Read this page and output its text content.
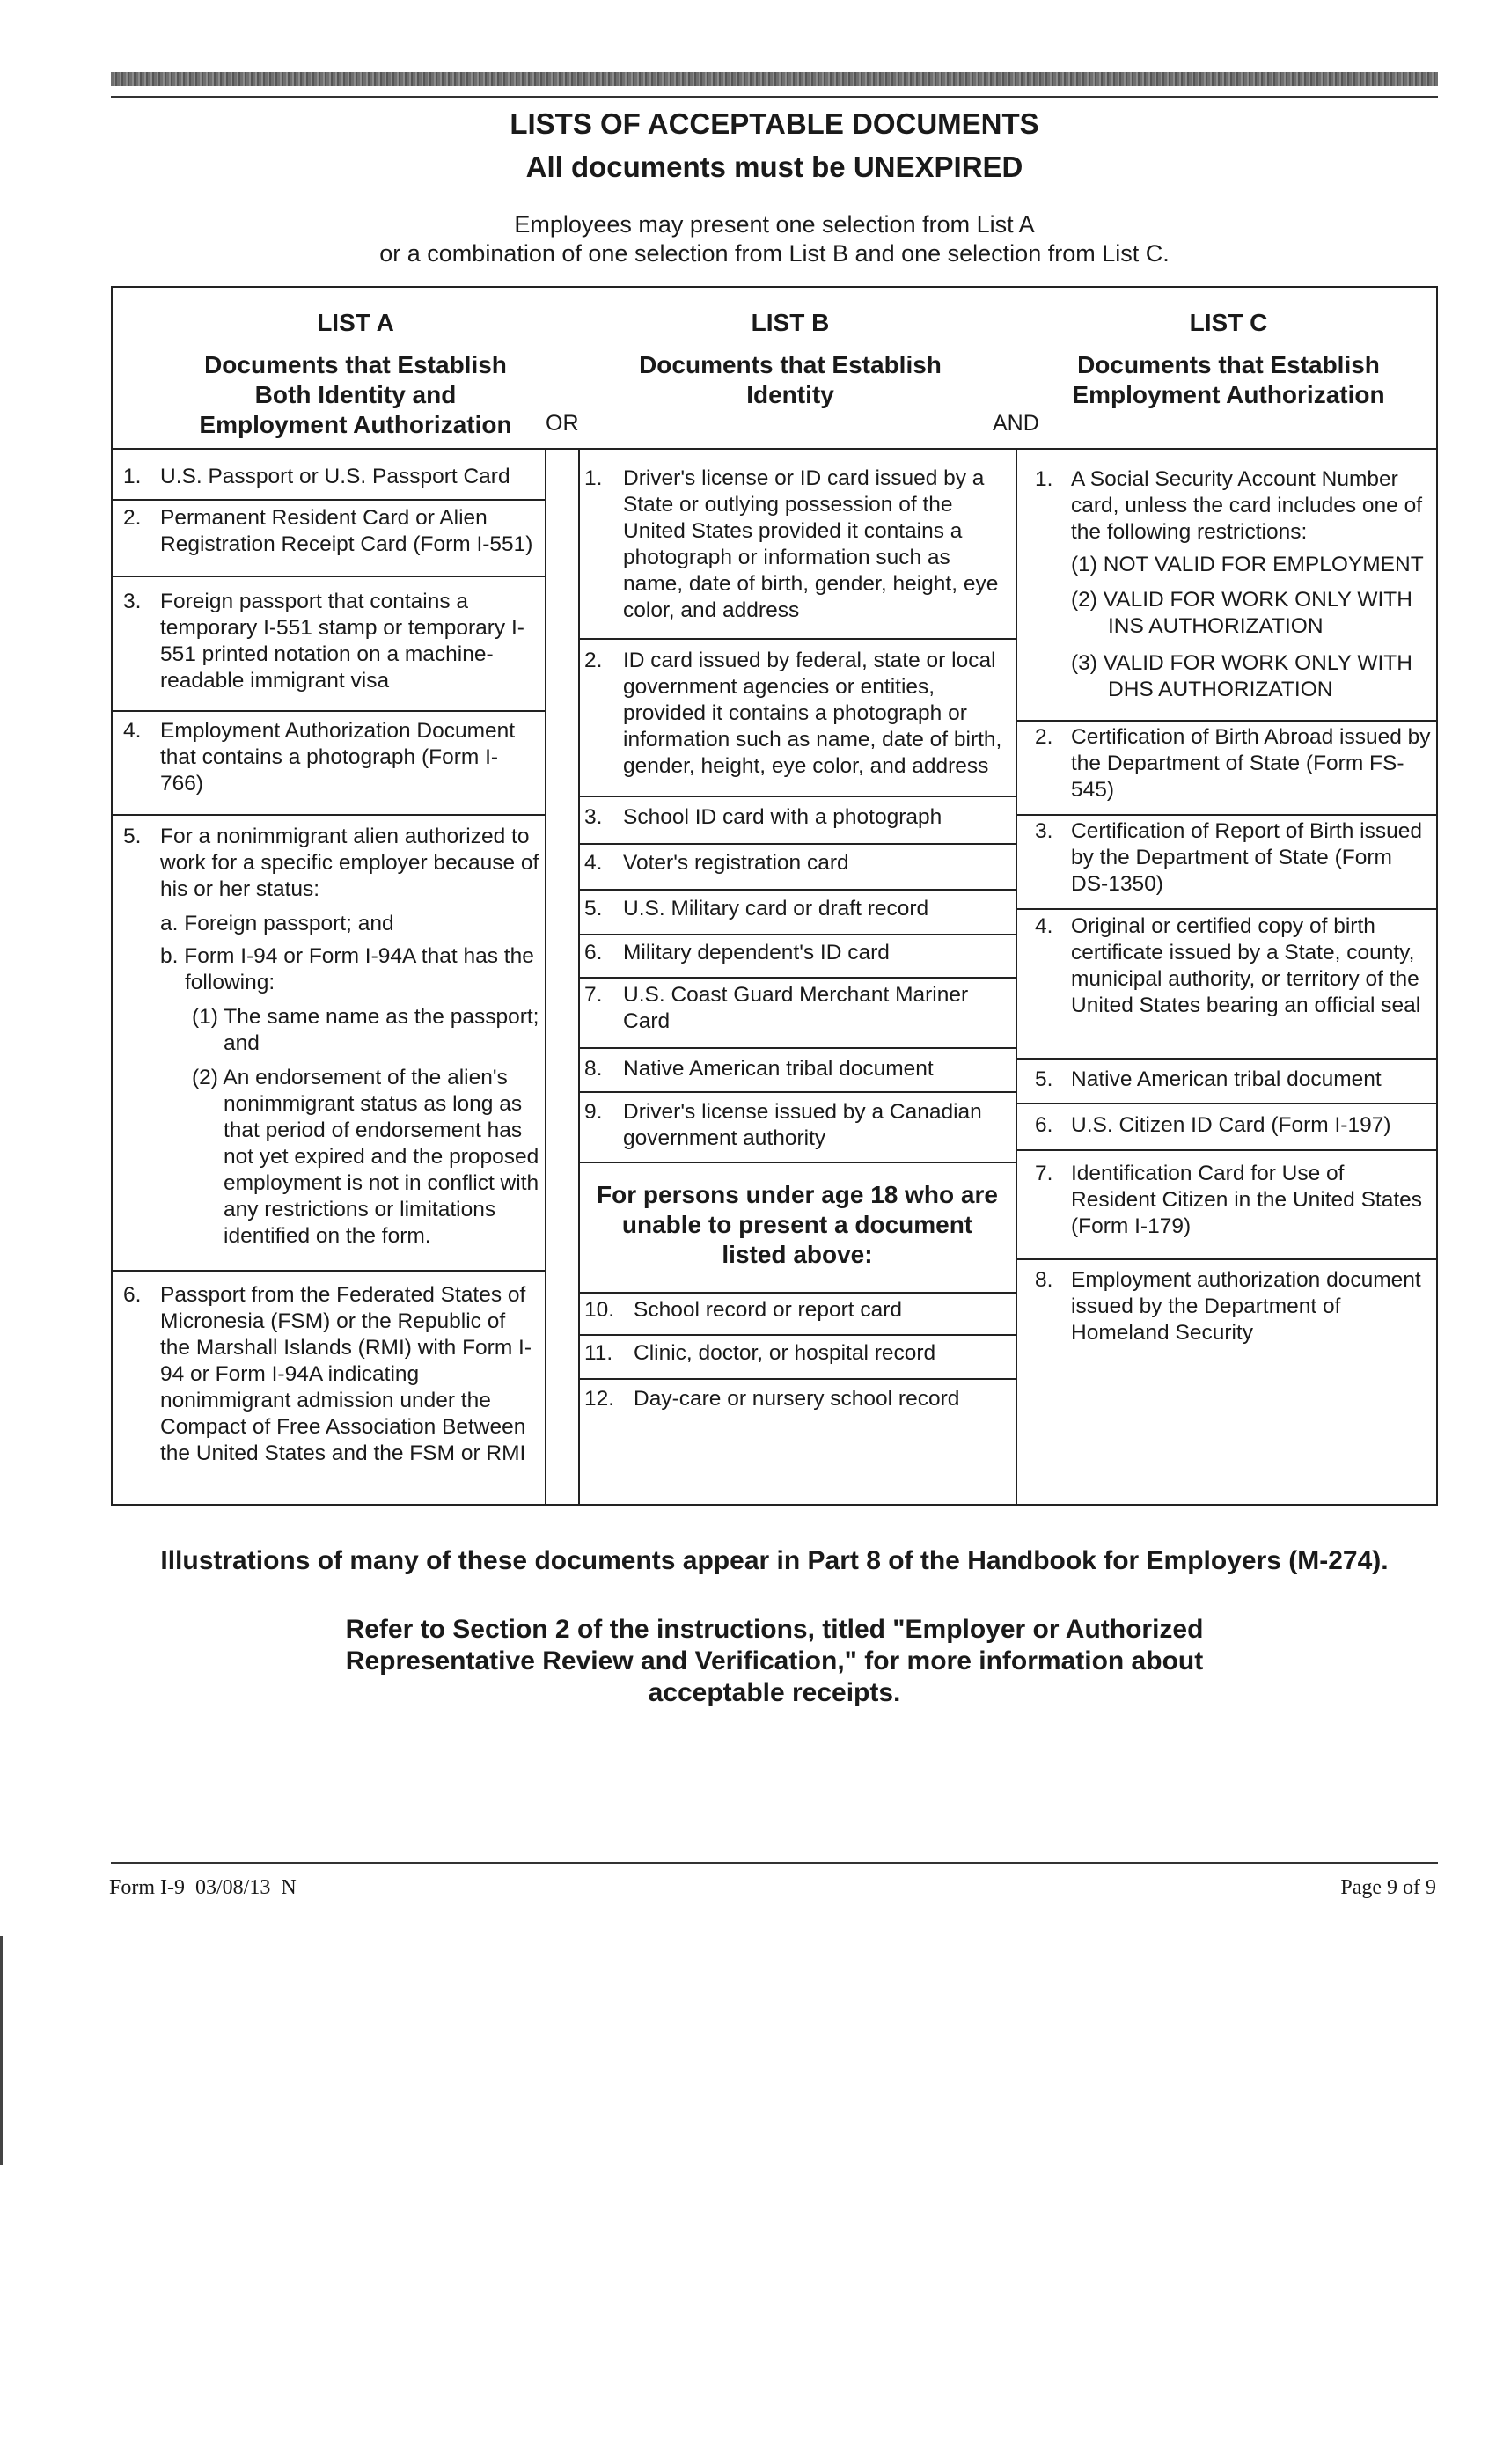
LISTS OF ACCEPTABLE DOCUMENTS
All documents must be UNEXPIRED
Employees may present one selection from List A
or a combination of one selection from List B and one selection from List C.
LIST A
Documents that Establish
Both Identity and
Employment Authorization	OR
LIST B
Documents that Establish
Identity
AND
LIST C
Documents that Establish
Employment Authorization
1. U.S. Passport or U.S. Passport Card
2. Permanent Resident Card or Alien Registration Receipt Card (Form I-551)
3. Foreign passport that contains a temporary I-551 stamp or temporary I-551 printed notation on a machine-readable immigrant visa
4. Employment Authorization Document that contains a photograph (Form I-766)
5. For a nonimmigrant alien authorized to work for a specific employer because of his or her status:
a. Foreign passport; and
b. Form I-94 or Form I-94A that has the following:
(1) The same name as the passport; and
(2) An endorsement of the alien's nonimmigrant status as long as that period of endorsement has not yet expired and the proposed employment is not in conflict with any restrictions or limitations identified on the form.
6. Passport from the Federated States of Micronesia (FSM) or the Republic of the Marshall Islands (RMI) with Form I-94 or Form I-94A indicating nonimmigrant admission under the Compact of Free Association Between the United States and the FSM or RMI
1. Driver's license or ID card issued by a State or outlying possession of the United States provided it contains a photograph or information such as name, date of birth, gender, height, eye color, and address
2. ID card issued by federal, state or local government agencies or entities, provided it contains a photograph or information such as name, date of birth, gender, height, eye color, and address
3. School ID card with a photograph
4. Voter's registration card
5. U.S. Military card or draft record
6. Military dependent's ID card
7. U.S. Coast Guard Merchant Mariner Card
8. Native American tribal document
9. Driver's license issued by a Canadian government authority
For persons under age 18 who are unable to present a document listed above:
10. School record or report card
11. Clinic, doctor, or hospital record
12. Day-care or nursery school record
1. A Social Security Account Number card, unless the card includes one of the following restrictions:
(1) NOT VALID FOR EMPLOYMENT
(2) VALID FOR WORK ONLY WITH INS AUTHORIZATION
(3) VALID FOR WORK ONLY WITH DHS AUTHORIZATION
2. Certification of Birth Abroad issued by the Department of State (Form FS-545)
3. Certification of Report of Birth issued by the Department of State (Form DS-1350)
4. Original or certified copy of birth certificate issued by a State, county, municipal authority, or territory of the United States bearing an official seal
5. Native American tribal document
6. U.S. Citizen ID Card (Form I-197)
7. Identification Card for Use of Resident Citizen in the United States (Form I-179)
8. Employment authorization document issued by the Department of Homeland Security
Illustrations of many of these documents appear in Part 8 of the Handbook for Employers (M-274).
Refer to Section 2 of the instructions, titled "Employer or Authorized Representative Review and Verification," for more information about acceptable receipts.
Form I-9  03/08/13  N	Page 9 of 9
